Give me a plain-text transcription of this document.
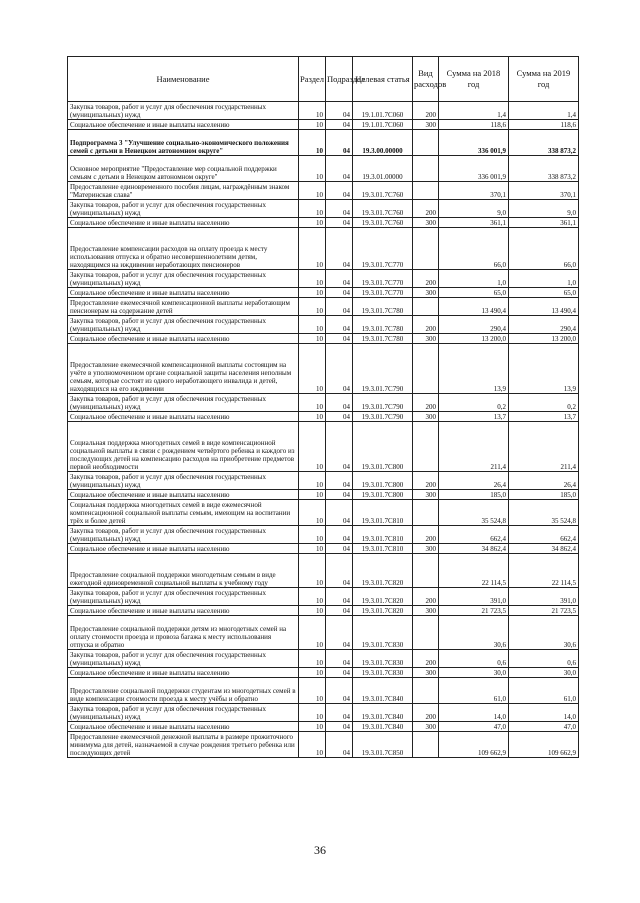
Наименование	Раздел	Подраздел	Целевая статья	Вид расходов	Сумма на 2018 год	Сумма на 2019 год
Закупка товаров, работ и услуг для обеспечения государственных (муниципальных) нужд	10	04	19.1.01.7C060	200	1,4	1,4
Социальное обеспечение и иные выплаты населению	10	04	19.1.01.7C060	300	118,6	118,6
Подпрограмма 3 "Улучшение социально-экономического положения семей с детьми в Ненецком автономном округе"	10	04	19.3.00.00000		336 001,9	338 873,2
Основное мероприятие "Предоставление мер социальной поддержки семьям с детьми в Ненецком автономном округе"	10	04	19.3.01.00000		336 001,9	338 873,2
Предоставление единовременного пособия лицам, награждённым знаком "Материнская слава"	10	04	19.3.01.7C760		370,1	370,1
Закупка товаров, работ и услуг для обеспечения государственных (муниципальных) нужд	10	04	19.3.01.7C760	200	9,0	9,0
Социальное обеспечение и иные выплаты населению	10	04	19.3.01.7C760	300	361,1	361,1
Предоставление компенсации расходов на оплату проезда к месту использования отпуска и обратно несовершеннолетним детям, находящимся на иждивении неработающих пенсионеров	10	04	19.3.01.7C770		66,0	66,0
Закупка товаров, работ и услуг для обеспечения государственных (муниципальных) нужд	10	04	19.3.01.7C770	200	1,0	1,0
Социальное обеспечение и иные выплаты населению	10	04	19.3.01.7C770	300	65,0	65,0
Предоставление ежемесячной компенсационной выплаты неработающим пенсионерам на содержание детей	10	04	19.3.01.7C780		13 490,4	13 490,4
Закупка товаров, работ и услуг для обеспечения государственных (муниципальных) нужд	10	04	19.3.01.7C780	200	290,4	290,4
Социальное обеспечение и иные выплаты населению	10	04	19.3.01.7C780	300	13 200,0	13 200,0
Предоставление ежемесячной компенсационной выплаты состоящим на учёте в уполномоченном органе социальной защиты населения неполным семьям, которые состоят из одного неработающего инвалида и детей, находящихся на его иждивении	10	04	19.3.01.7C790		13,9	13,9
Закупка товаров, работ и услуг для обеспечения государственных (муниципальных) нужд	10	04	19.3.01.7C790	200	0,2	0,2
Социальное обеспечение и иные выплаты населению	10	04	19.3.01.7C790	300	13,7	13,7
Социальная поддержка многодетных семей в виде компенсационной социальной выплаты в связи с рождением четвёртого ребенка и каждого из последующих детей на компенсацию расходов на приобретение предметов первой необходимости	10	04	19.3.01.7C800		211,4	211,4
Закупка товаров, работ и услуг для обеспечения государственных (муниципальных) нужд	10	04	19.3.01.7C800	200	26,4	26,4
Социальное обеспечение и иные выплаты населению	10	04	19.3.01.7C800	300	185,0	185,0
Социальная поддержка многодетных семей в виде ежемесячной компенсационной социальной выплаты семьям, имеющим на воспитании трёх и более детей	10	04	19.3.01.7C810		35 524,8	35 524,8
Закупка товаров, работ и услуг для обеспечения государственных (муниципальных) нужд	10	04	19.3.01.7C810	200	662,4	662,4
Социальное обеспечение и иные выплаты населению	10	04	19.3.01.7C810	300	34 862,4	34 862,4
Предоставление социальной поддержки многодетным семьям в виде ежегодной единовременной социальной выплаты к учебному году	10	04	19.3.01.7C820		22 114,5	22 114,5
Закупка товаров, работ и услуг для обеспечения государственных (муниципальных) нужд	10	04	19.3.01.7C820	200	391,0	391,0
Социальное обеспечение и иные выплаты населению	10	04	19.3.01.7C820	300	21 723,5	21 723,5
Предоставление социальной поддержки детям из многодетных семей на оплату стоимости проезда и провоза багажа к месту использования отпуска и обратно	10	04	19.3.01.7C830		30,6	30,6
Закупка товаров, работ и услуг для обеспечения государственных (муниципальных) нужд	10	04	19.3.01.7C830	200	0,6	0,6
Социальное обеспечение и иные выплаты населению	10	04	19.3.01.7C830	300	30,0	30,0
Предоставление социальной поддержки студентам из многодетных семей в виде компенсации стоимости проезда к месту учёбы и обратно	10	04	19.3.01.7C840		61,0	61,0
Закупка товаров, работ и услуг для обеспечения государственных (муниципальных) нужд	10	04	19.3.01.7C840	200	14,0	14,0
Социальное обеспечение и иные выплаты населению	10	04	19.3.01.7C840	300	47,0	47,0
Предоставление ежемесячной денежной выплаты в размере прожиточного минимума для детей, назначаемой в случае рождения третьего ребенка или последующих детей	10	04	19.3.01.7C850		109 662,9	109 662,9
36
